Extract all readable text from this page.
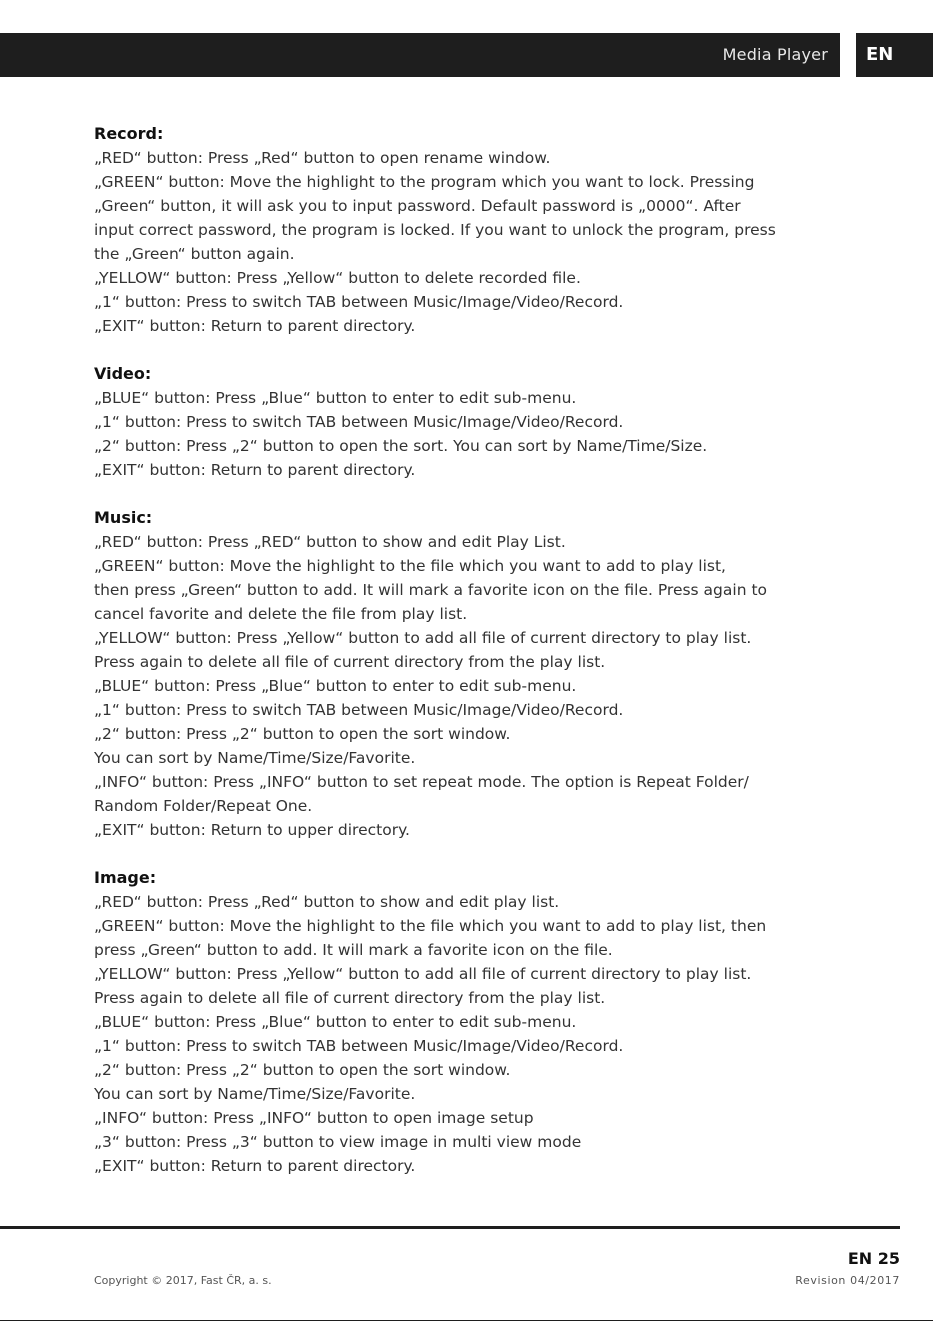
Media Player EN
Record:
„RED“ button: Press „Red“ button to open rename window.
„GREEN“ button: Move the highlight to the program which you want to lock. Pressing
„Green“ button, it will ask you to input password. Default password is „0000“. After
input correct password, the program is locked. If you want to unlock the program, press
the „Green“ button again.
„YELLOW“ button: Press „Yellow“ button to delete recorded file.
„1“ button: Press to switch TAB between Music/Image/Video/Record.
„EXIT“ button: Return to parent directory.
Video:
„BLUE“ button: Press „Blue“ button to enter to edit sub-menu.
„1“ button: Press to switch TAB between Music/Image/Video/Record.
„2“ button: Press „2“ button to open the sort. You can sort by Name/Time/Size.
„EXIT“ button: Return to parent directory.
Music:
„RED“ button: Press „RED“ button to show and edit Play List.
„GREEN“ button: Move the highlight to the file which you want to add to play list,
then press „Green“ button to add. It will mark a favorite icon on the file. Press again to
cancel favorite and delete the file from play list.
„YELLOW“ button: Press „Yellow“ button to add all file of current directory to play list.
Press again to delete all file of current directory from the play list.
„BLUE“ button: Press „Blue“ button to enter to edit sub-menu.
„1“ button: Press to switch TAB between Music/Image/Video/Record.
„2“ button: Press „2“ button to open the sort window.
You can sort by Name/Time/Size/Favorite.
„INFO“ button: Press „INFO“ button to set repeat mode. The option is Repeat Folder/
Random Folder/Repeat One.
„EXIT“ button: Return to upper directory.
Image:
„RED“ button: Press „Red“ button to show and edit play list.
„GREEN“ button: Move the highlight to the file which you want to add to play list, then
press „Green“ button to add. It will mark a favorite icon on the file.
„YELLOW“ button: Press „Yellow“ button to add all file of current directory to play list.
Press again to delete all file of current directory from the play list.
„BLUE“ button: Press „Blue“ button to enter to edit sub-menu.
„1“ button: Press to switch TAB between Music/Image/Video/Record.
„2“ button: Press „2“ button to open the sort window.
You can sort by Name/Time/Size/Favorite.
„INFO“ button: Press „INFO“ button to open image setup
„3“ button: Press „3“ button to view image in multi view mode
„EXIT“ button: Return to parent directory.
EN 25
Copyright © 2017, Fast ČR, a. s.	Revision 04/2017
